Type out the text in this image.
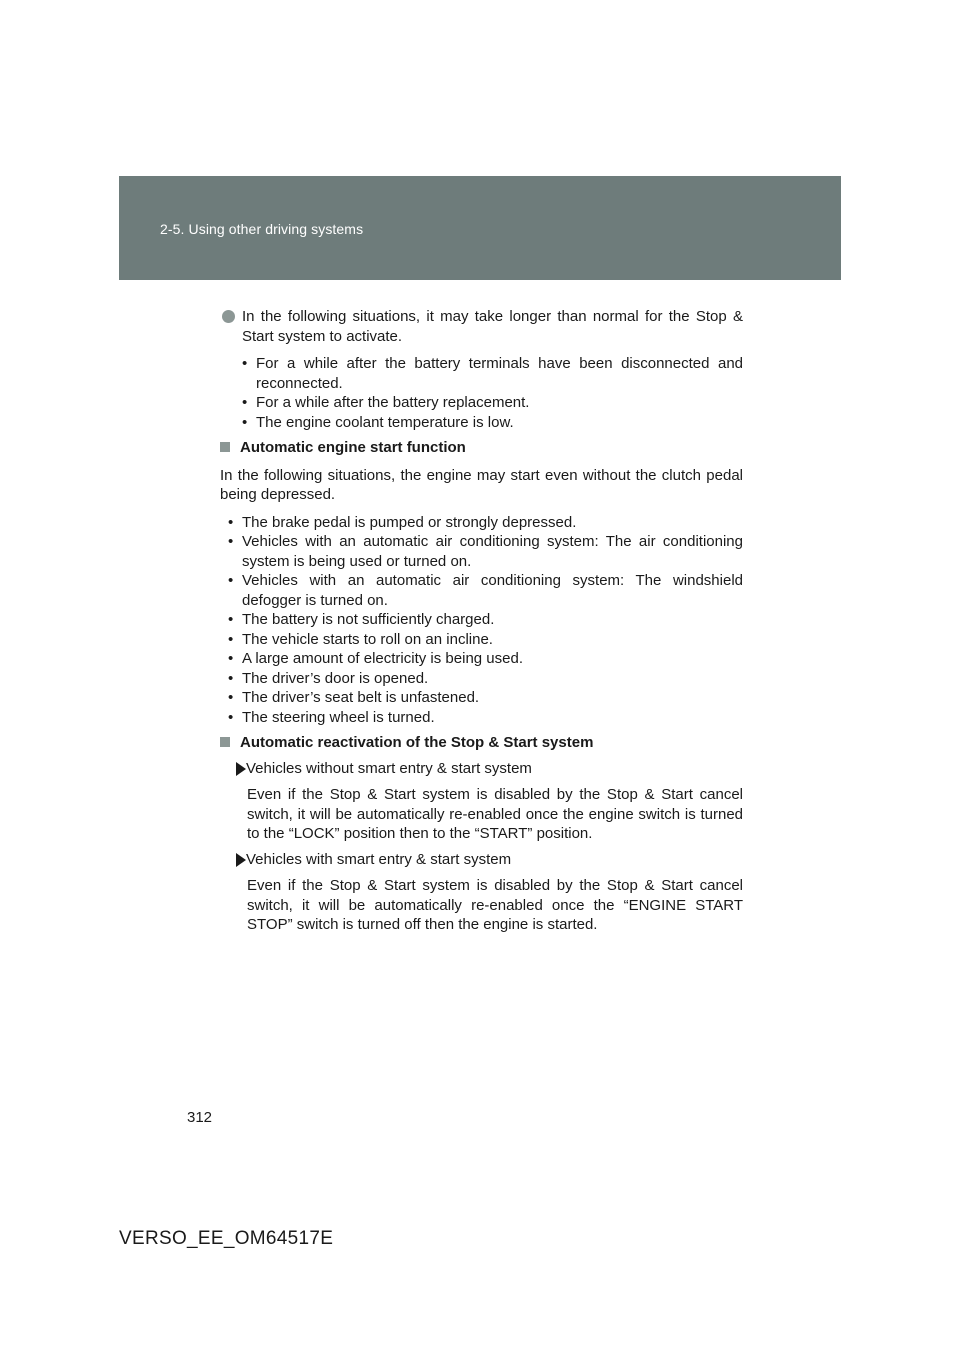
2-5. Using other driving systems
In the following situations, it may take longer than normal for the Stop & Start system to activate.
• For a while after the battery terminals have been disconnected and reconnected.
• For a while after the battery replacement.
• The engine coolant temperature is low.
Automatic engine start function
In the following situations, the engine may start even without the clutch pedal being depressed.
• The brake pedal is pumped or strongly depressed.
• Vehicles with an automatic air conditioning system: The air conditioning system is being used or turned on.
• Vehicles with an automatic air conditioning system: The windshield defogger is turned on.
• The battery is not sufficiently charged.
• The vehicle starts to roll on an incline.
• A large amount of electricity is being used.
• The driver’s door is opened.
• The driver’s seat belt is unfastened.
• The steering wheel is turned.
Automatic reactivation of the Stop & Start system
Vehicles without smart entry & start system
Even if the Stop & Start system is disabled by the Stop & Start cancel switch, it will be automatically re-enabled once the engine switch is turned to the “LOCK” position then to the “START” position.
Vehicles with smart entry & start system
Even if the Stop & Start system is disabled by the Stop & Start cancel switch, it will be automatically re-enabled once the “ENGINE START STOP” switch is turned off then the engine is started.
312
VERSO_EE_OM64517E
